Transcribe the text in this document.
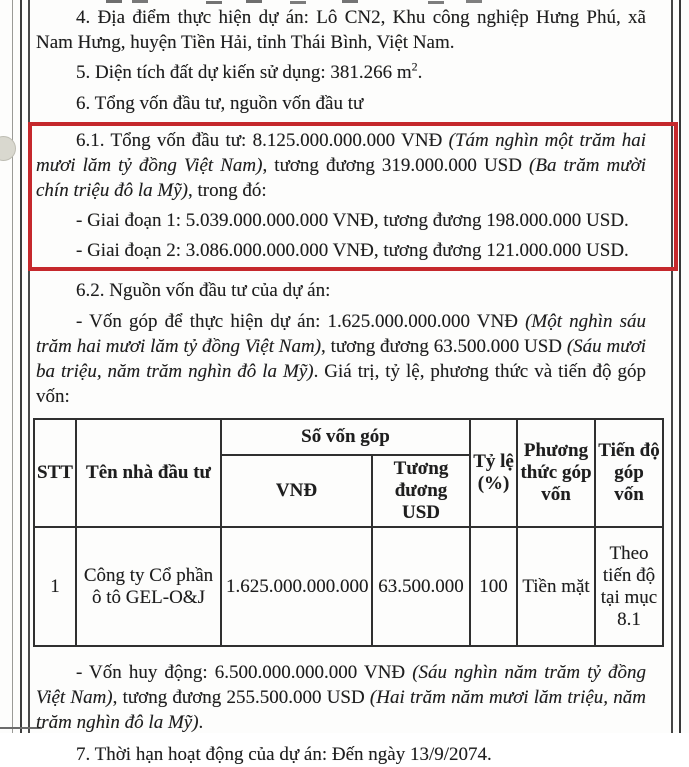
4. Địa điểm thực hiện dự án: Lô CN2, Khu công nghiệp Hưng Phú, xã Nam Hưng, huyện Tiền Hải, tỉnh Thái Bình, Việt Nam.

5. Diện tích đất dự kiến sử dụng: 381.266 $m^2$.

6. Tổng vốn đầu tư, nguồn vốn đầu tư

6.1. Tổng vốn đầu tư: 8.125.000.000.000 VNĐ (Tám nghìn một trăm hai mươi lăm tỷ đồng Việt Nam), tương đương 319.000.000 USD (Ba trăm mười chín triệu đô la Mỹ), trong đó:

- Giai đoạn 1: 5.039.000.000.000 VNĐ, tương đương 198.000.000 USD.

- Giai đoạn 2: 3.086.000.000.000 VNĐ, tương đương 121.000.000 USD.

6.2. Nguồn vốn đầu tư của dự án:

- Vốn góp để thực hiện dự án: 1.625.000.000.000 VNĐ (Một nghìn sáu trăm hai mươi lăm tỷ đồng Việt Nam), tương đương 63.500.000 USD (Sáu mươi ba triệu, năm trăm nghìn đô la Mỹ). Giá trị, tỷ lệ, phương thức và tiến độ góp vốn:

STT	Tên nhà đầu tư	Số vốn góp		Tỷ lệ (%)	Phương thức góp vốn	Tiến độ góp vốn
		VNĐ	Tương đương USD			
1	Công ty Cổ phần ô tô GEL-O&J	1.625.000.000.000	63.500.000	100	Tiền mặt	Theo tiến độ tại mục 8.1

- Vốn huy động: 6.500.000.000.000 VNĐ (Sáu nghìn năm trăm tỷ đồng Việt Nam), tương đương 255.500.000 USD (Hai trăm năm mươi lăm triệu, năm trăm nghìn đô la Mỹ).

7. Thời hạn hoạt động của dự án: Đến ngày 13/9/2074.
